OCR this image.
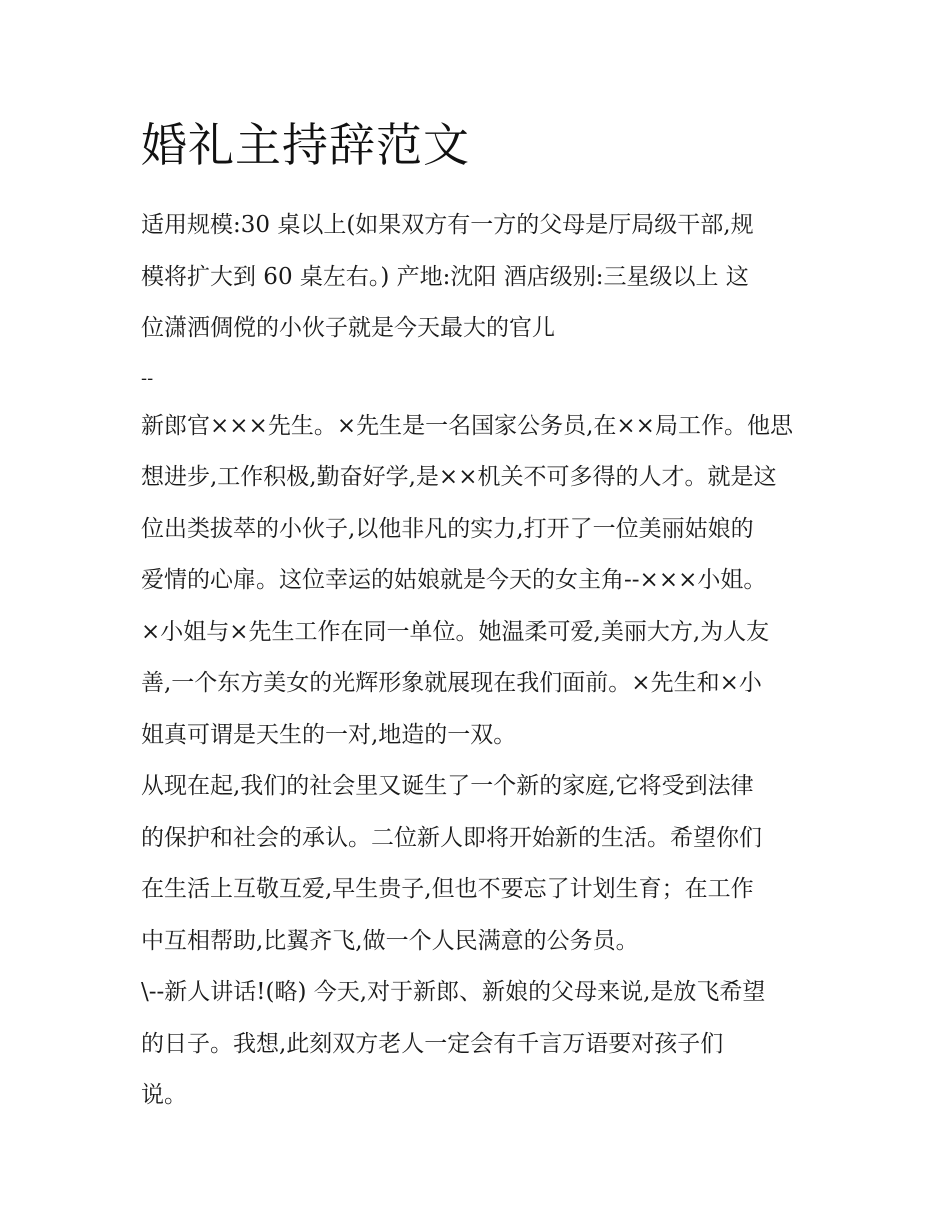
婚礼主持辞范文

适用规模:30 桌以上(如果双方有一方的父母是厅局级干部,规
模将扩大到 60 桌左右。) 产地:沈阳 酒店级别:三星级以上 这
位潇洒倜傥的小伙子就是今天最大的官儿

--

新郎官×××先生。×先生是一名国家公务员,在××局工作。他思
想进步,工作积极,勤奋好学,是××机关不可多得的人才。就是这
位出类拔萃的小伙子,以他非凡的实力,打开了一位美丽姑娘的
爱情的心扉。这位幸运的姑娘就是今天的女主角--×××小姐。
×小姐与×先生工作在同一单位。她温柔可爱,美丽大方,为人友
善,一个东方美女的光辉形象就展现在我们面前。×先生和×小
姐真可谓是天生的一对,地造的一双。

从现在起,我们的社会里又诞生了一个新的家庭,它将受到法律
的保护和社会的承认。二位新人即将开始新的生活。希望你们
在生活上互敬互爱,早生贵子,但也不要忘了计划生育；在工作
中互相帮助,比翼齐飞,做一个人民满意的公务员。

\--新人讲话!(略) 今天,对于新郎、新娘的父母来说,是放飞希望
的日子。我想,此刻双方老人一定会有千言万语要对孩子们
说。
